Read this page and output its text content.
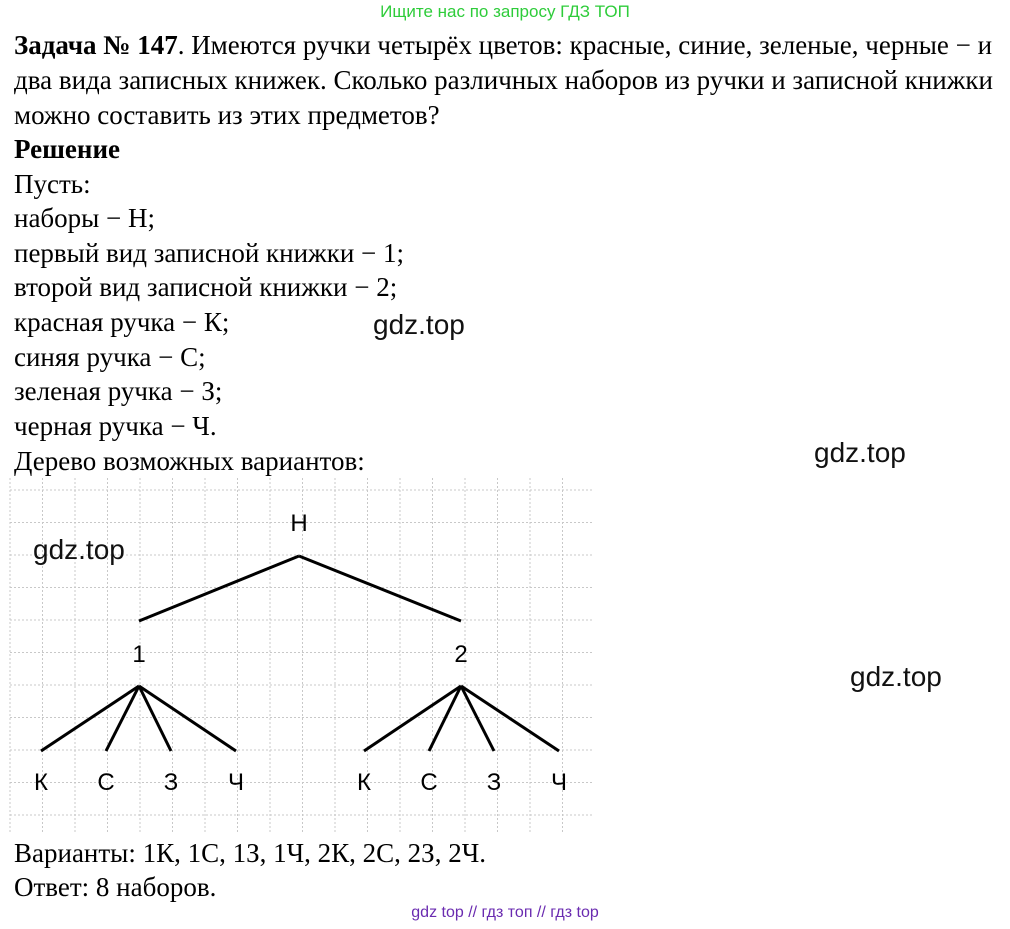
Ищите нас по запросу ГДЗ ТОП
Задача № 147. Имеются ручки четырёх цветов: красные, синие, зеленые, черные − и два вида записных книжек. Сколько различных наборов из ручки и записной книжки можно составить из этих предметов?
Решение
Пусть:
наборы − Н;
первый вид записной книжки − 1;
второй вид записной книжки − 2;
красная ручка − К;
синяя ручка − С;
зеленая ручка − З;
черная ручка − Ч.
Дерево возможных вариантов:
Н
1	2
К С З Ч	К С З Ч
Варианты: 1К, 1С, 1З, 1Ч, 2К, 2С, 2З, 2Ч.
Ответ: 8 наборов.
gdz.top
gdz.top
gdz.top
gdz.top
gdz top // гдз топ // гдз top
